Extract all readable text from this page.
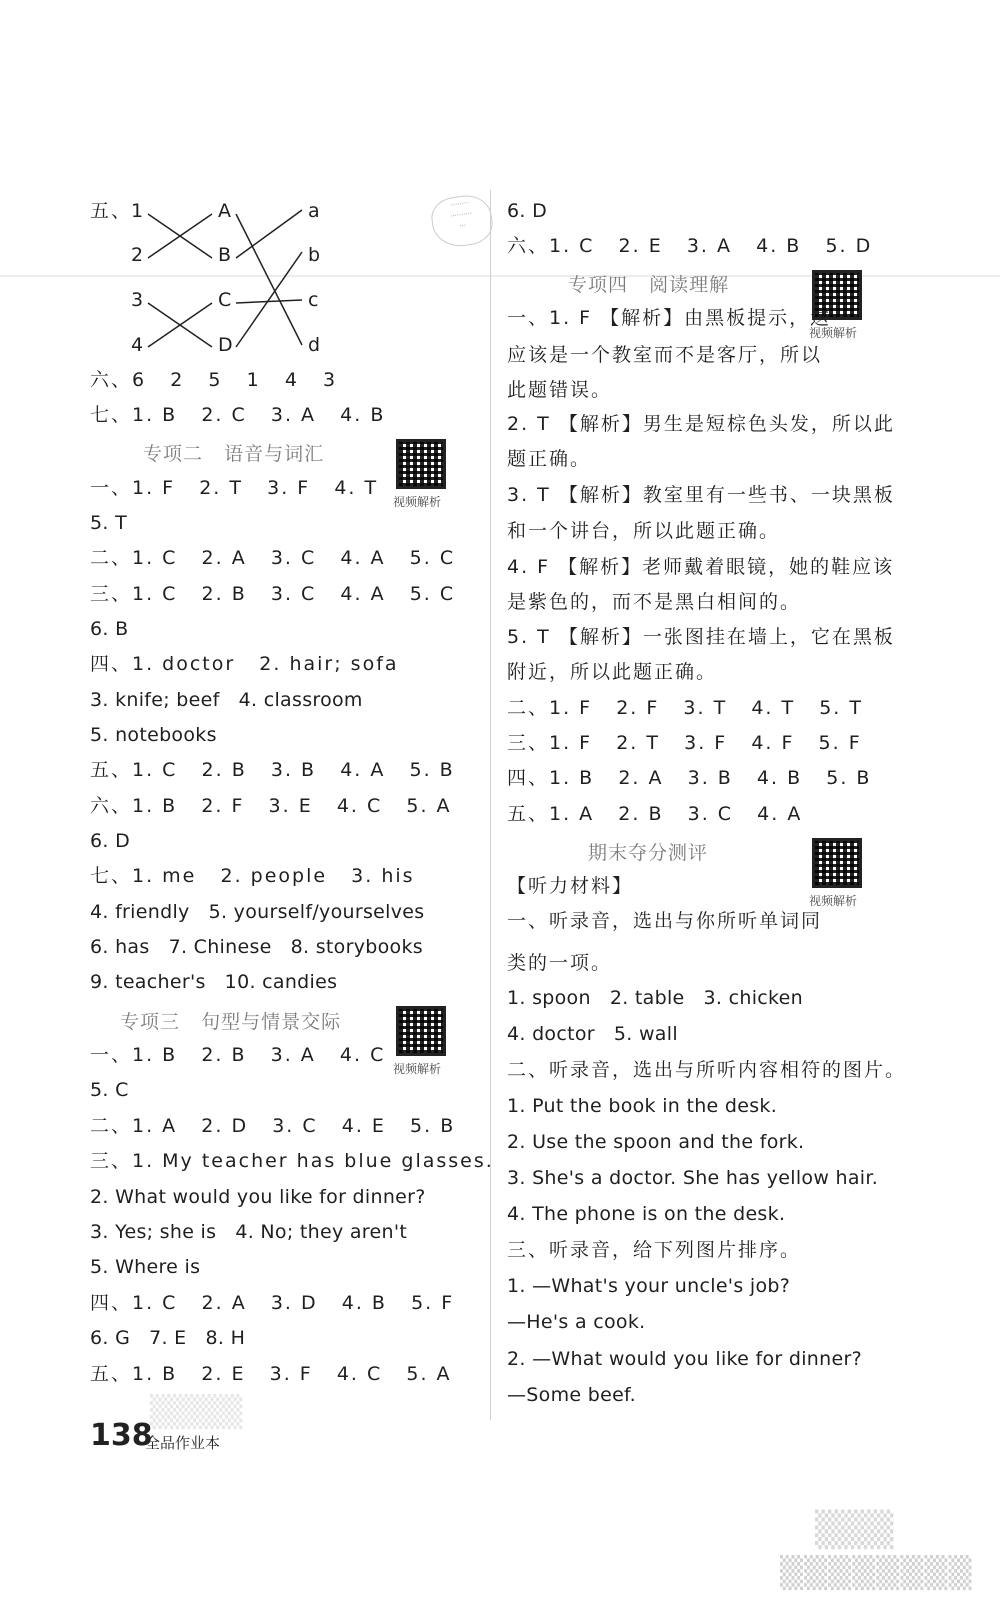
........
..........
...
五、
1
2
3
4
A
B
C
D
a
b
c
d
六、6   2   5   1   4   3
七、1. B   2. C   3. A   4. B
专项二   语音与词汇
视频解析
一、1. F   2. T   3. F   4. T
5. T
二、1. C   2. A   3. C   4. A   5. C
三、1. C   2. B   3. C   4. A   5. C
6. B
四、1. doctor   2. hair; sofa
3. knife; beef   4. classroom
5. notebooks
五、1. C   2. B   3. B   4. A   5. B
六、1. B   2. F   3. E   4. C   5. A
6. D
七、1. me   2. people   3. his
4. friendly   5. yourself/yourselves
6. has   7. Chinese   8. storybooks
9. teacher's   10. candies
专项三   句型与情景交际
视频解析
一、1. B   2. B   3. A   4. C
5. C
二、1. A   2. D   3. C   4. E   5. B
三、1. My teacher has blue glasses.
2. What would you like for dinner?
3. Yes; she is   4. No; they aren't
5. Where is
四、1. C   2. A   3. D   4. B   5. F
6. G   7. E   8. H
五、1. B   2. E   3. F   4. C   5. A
138
全品作业本
6. D
六、1. C   2. E   3. A   4. B   5. D
专项四   阅读理解
视频解析
一、1. F 【解析】由黑板提示，这
应该是一个教室而不是客厅，所以
此题错误。
2. T 【解析】男生是短棕色头发，所以此
题正确。
3. T 【解析】教室里有一些书、一块黑板
和一个讲台，所以此题正确。
4. F 【解析】老师戴着眼镜，她的鞋应该
是紫色的，而不是黑白相间的。
5. T 【解析】一张图挂在墙上，它在黑板
附近，所以此题正确。
二、1. F   2. F   3. T   4. T   5. T
三、1. F   2. T   3. F   4. F   5. F
四、1. B   2. A   3. B   4. B   5. B
五、1. A   2. B   3. C   4. A
期末夺分测评
视频解析
【听力材料】
一、听录音，选出与你所听单词同
类的一项。
1. spoon   2. table   3. chicken
4. doctor   5. wall
二、听录音，选出与所听内容相符的图片。
1. Put the book in the desk.
2. Use the spoon and the fork.
3. She's a doctor. She has yellow hair.
4. The phone is on the desk.
三、听录音，给下列图片排序。
1. —What's your uncle's job?
—He's a cook.
2. —What would you like for dinner?
—Some beef.
▒▒▒▒
▒▒▒
▒▒▒▒▒▒▒▒
